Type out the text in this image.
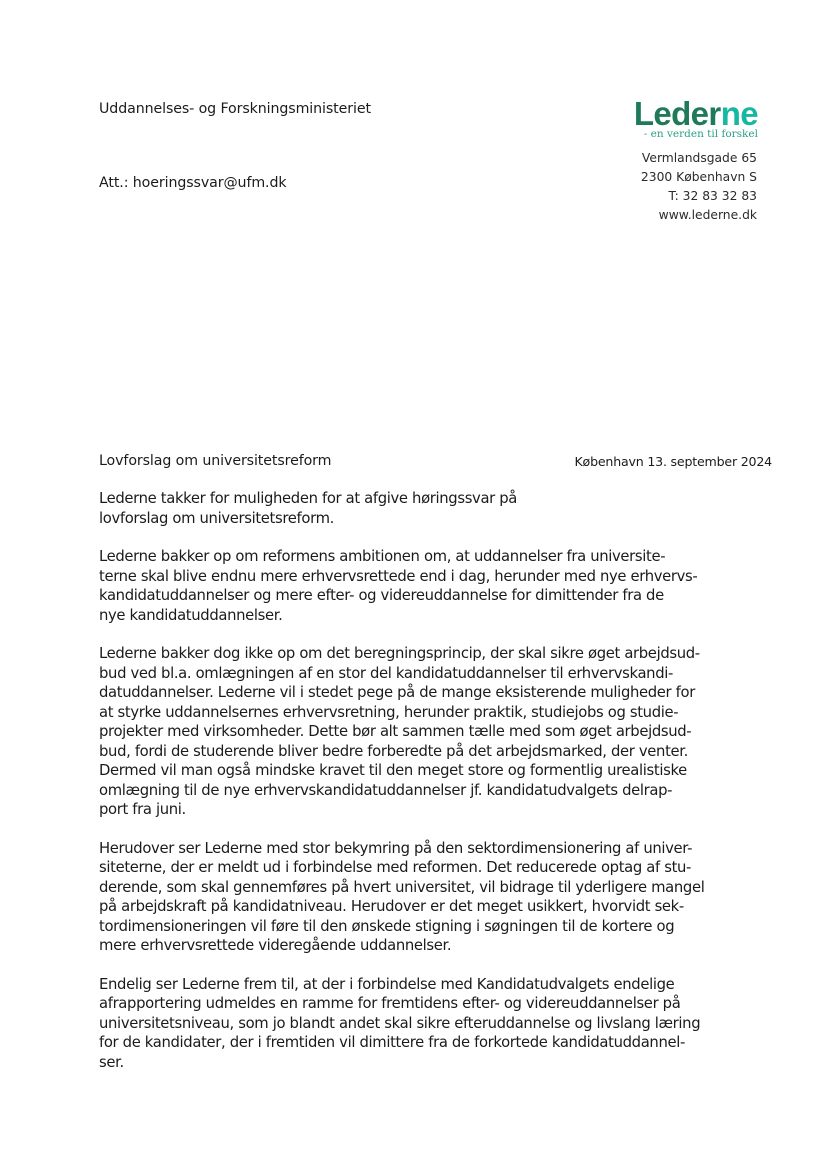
Uddannelses- og Forskningsministeriet
Att.: hoeringssvar@ufm.dk
Lederne
- en verden til forskel
Vermlandsgade 65
2300 København S
T: 32 83 32 83
www.lederne.dk
Lovforslag om universitetsreform	København 13. september 2024

Lederne takker for muligheden for at afgive høringssvar på
lovforslag om universitetsreform.

Lederne bakker op om reformens ambitionen om, at uddannelser fra universite-
terne skal blive endnu mere erhvervsrettede end i dag, herunder med nye erhvervs-
kandidatuddannelser og mere efter- og videreuddannelse for dimittender fra de
nye kandidatuddannelser.

Lederne bakker dog ikke op om det beregningsprincip, der skal sikre øget arbejdsud-
bud ved bl.a. omlægningen af en stor del kandidatuddannelser til erhvervskandi-
datuddannelser. Lederne vil i stedet pege på de mange eksisterende muligheder for
at styrke uddannelsernes erhvervsretning, herunder praktik, studiejobs og studie-
projekter med virksomheder. Dette bør alt sammen tælle med som øget arbejdsud-
bud, fordi de studerende bliver bedre forberedte på det arbejdsmarked, der venter.
Dermed vil man også mindske kravet til den meget store og formentlig urealistiske
omlægning til de nye erhvervskandidatuddannelser jf. kandidatudvalgets delrap-
port fra juni.

Herudover ser Lederne med stor bekymring på den sektordimensionering af univer-
siteterne, der er meldt ud i forbindelse med reformen. Det reducerede optag af stu-
derende, som skal gennemføres på hvert universitet, vil bidrage til yderligere mangel
på arbejdskraft på kandidatniveau. Herudover er det meget usikkert, hvorvidt sek-
tordimensioneringen vil føre til den ønskede stigning i søgningen til de kortere og
mere erhvervsrettede videregående uddannelser.

Endelig ser Lederne frem til, at der i forbindelse med Kandidatudvalgets endelige
afrapportering udmeldes en ramme for fremtidens efter- og videreuddannelser på
universitetsniveau, som jo blandt andet skal sikre efteruddannelse og livslang læring
for de kandidater, der i fremtiden vil dimittere fra de forkortede kandidatuddannel-
ser.
